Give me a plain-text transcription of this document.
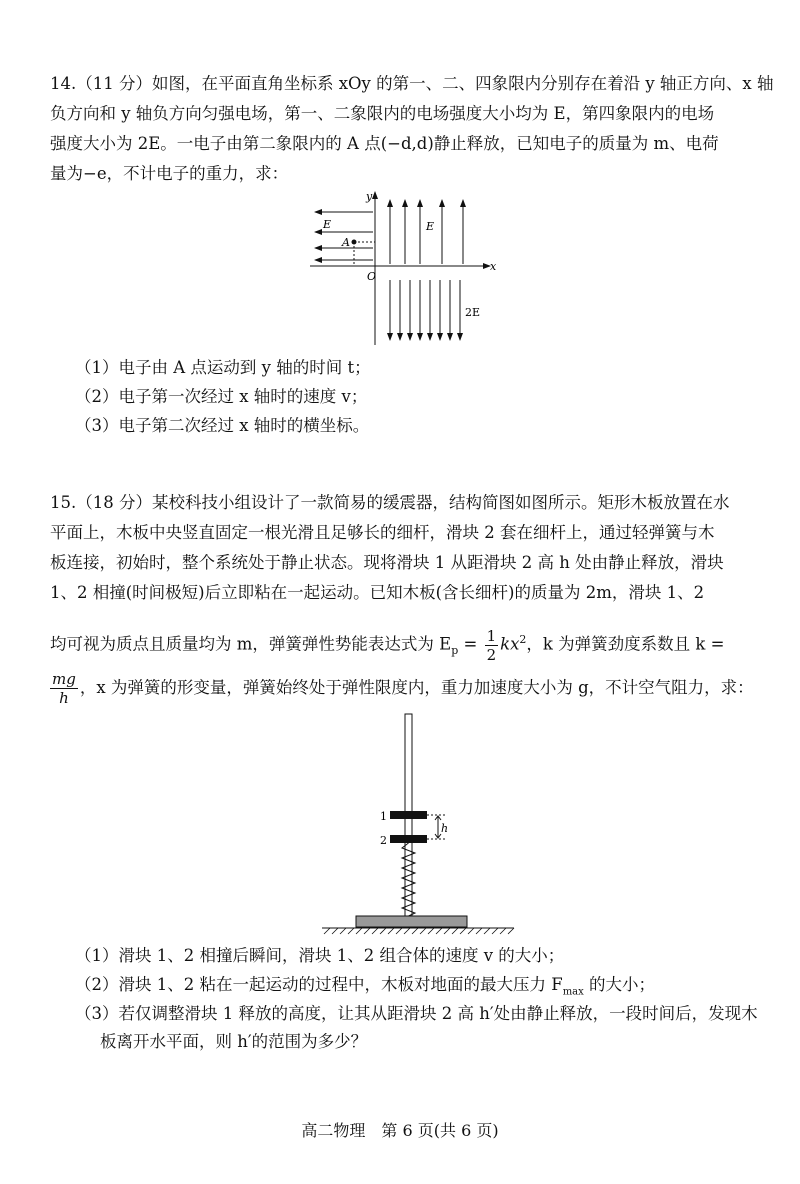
14.（11 分）如图，在平面直角坐标系 xOy 的第一、二、四象限内分别存在着沿 y 轴正方向、x 轴
负方向和 y 轴负方向匀强电场，第一、二象限内的电场强度大小均为 E，第四象限内的电场
强度大小为 2E。一电子由第二象限内的 A 点(−d,d)静止释放，已知电子的质量为 m、电荷
量为−e，不计电子的重力，求：
y
x
O
E
A
E
2E
（1）电子由 A 点运动到 y 轴的时间 t；
（2）电子第一次经过 x 轴时的速度 v；
（3）电子第二次经过 x 轴时的横坐标。
15.（18 分）某校科技小组设计了一款简易的缓震器，结构简图如图所示。矩形木板放置在水
平面上，木板中央竖直固定一根光滑且足够长的细杆，滑块 2 套在细杆上，通过轻弹簧与木
板连接，初始时，整个系统处于静止状态。现将滑块 1 从距滑块 2 高 h 处由静止释放，滑块
1、2 相撞(时间极短)后立即粘在一起运动。已知木板(含长细杆)的质量为 2m，滑块 1、2
均可视为质点且质量均为 m，弹簧弹性势能表达式为 $E_p = \frac{1}{2} kx^2$，k 为弹簧劲度系数且 k =
$\frac{mg}{h}$ ，x 为弹簧的形变量，弹簧始终处于弹性限度内，重力加速度大小为 g，不计空气阻力，求：
1
2
h
（1）滑块 1、2 相撞后瞬间，滑块 1、2 组合体的速度 v 的大小；
（2）滑块 1、2 粘在一起运动的过程中，木板对地面的最大压力 $F_{max}$ 的大小；
（3）若仅调整滑块 1 释放的高度，让其从距滑块 2 高 h′处由静止释放，一段时间后，发现木
板离开水平面，则 h′的范围为多少？
高二物理　第 6 页(共 6 页)
